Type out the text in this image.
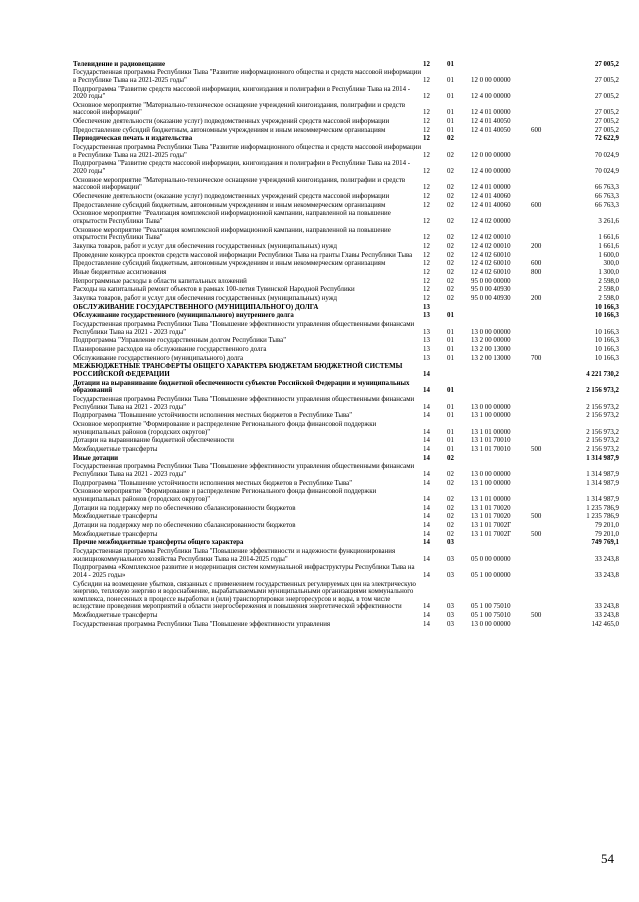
Телевидение и радиовещание	12	01			27 005,2
Государственная программа Республики Тыва "Развитие информационного общества и средств массовой информации в Республике Тыва на 2021-2025 годы"	12	01	12 0 00 00000		27 005,2
Подпрограмма "Развитие средств массовой информации, книгоиздания и полиграфии в Республике Тыва на 2014 - 2020 годы"	12	01	12 4 00 00000		27 005,2
Основное мероприятие "Материально-техническое оснащение учреждений книгоиздания, полиграфии и средств массовой информации"	12	01	12 4 01 00000		27 005,2
Обеспечение деятельности (оказание услуг) подведомственных учреждений средств массовой информации	12	01	12 4 01 40050		27 005,2
Предоставление субсидий бюджетным, автономным учреждениям и иным некоммерческим организациям	12	01	12 4 01 40050	600	27 005,2
Периодическая печать и издательства	12	02			72 622,9
Государственная программа Республики Тыва "Развитие информационного общества и средств массовой информации в Республике Тыва на 2021-2025 годы"	12	02	12 0 00 00000		70 024,9
Подпрограмма "Развитие средств массовой информации, книгоиздания и полиграфии в Республике Тыва на 2014 - 2020 годы"	12	02	12 4 00 00000		70 024,9
Основное мероприятие "Материально-техническое оснащение учреждений книгоиздания, полиграфии и средств массовой информации"	12	02	12 4 01 00000		66 763,3
Обеспечение деятельности (оказание услуг) подведомственных учреждений средств массовой информации	12	02	12 4 01 40060		66 763,3
Предоставление субсидий бюджетным, автономным учреждениям и иным некоммерческим организациям	12	02	12 4 01 40060	600	66 763,3
Основное мероприятие "Реализация комплексной информационной кампании, направленной на повышение открытости Республики Тыва"	12	02	12 4 02 00000		3 261,6
Основное мероприятие "Реализация комплексной информационной кампании, направленной на повышение открытости Республики Тыва"	12	02	12 4 02 00010		1 661,6
Закупка товаров, работ и услуг для обеспечения государственных (муниципальных) нужд	12	02	12 4 02 00010	200	1 661,6
Проведение конкурса проектов средств массовой информации Республики Тыва на гранты Главы Республики Тыва	12	02	12 4 02 60010		1 600,0
Предоставление субсидий бюджетным, автономным учреждениям и иным некоммерческим организациям	12	02	12 4 02 60010	600	300,0
Иные бюджетные ассигнования	12	02	12 4 02 60010	800	1 300,0
Непрограммные расходы в области капитальных вложений	12	02	95 0 00 00000		2 598,0
Расходы на капитальный ремонт объектов в рамках 100-летия Тувинской Народной Республики	12	02	95 0 00 40930		2 598,0
Закупка товаров, работ и услуг для обеспечения государственных (муниципальных) нужд	12	02	95 0 00 40930	200	2 598,0
ОБСЛУЖИВАНИЕ ГОСУДАРСТВЕННОГО (МУНИЦИПАЛЬНОГО) ДОЛГА	13				10 166,3
Обслуживание государственного (муниципального) внутреннего долга	13	01			10 166,3
Государственная программа Республики Тыва "Повышение эффективности управления общественными финансами Республики Тыва на 2021 - 2023 годы"	13	01	13 0 00 00000		10 166,3
Подпрограмма "Управление государственным долгом Республики Тыва"	13	01	13 2 00 00000		10 166,3
Планирование расходов на обслуживание государственного долга	13	01	13 2 00 13000		10 166,3
Обслуживание государственного (муниципального) долга	13	01	13 2 00 13000	700	10 166,3
МЕЖБЮДЖЕТНЫЕ ТРАНСФЕРТЫ ОБЩЕГО ХАРАКТЕРА БЮДЖЕТАМ БЮДЖЕТНОЙ СИСТЕМЫ РОССИЙСКОЙ ФЕДЕРАЦИИ	14				4 221 730,2
Дотации на выравнивание бюджетной обеспеченности субъектов Российской Федерации и муниципальных образований	14	01			2 156 973,2
Государственная программа Республики Тыва "Повышение эффективности управления общественными финансами Республики Тыва на 2021 - 2023 годы"	14	01	13 0 00 00000		2 156 973,2
Подпрограмма "Повышение устойчивости исполнения местных бюджетов в Республике Тыва"	14	01	13 1 00 00000		2 156 973,2
Основное мероприятие "Формирование и распределение Регионального фонда финансовой поддержки муниципальных районов (городских округов)"	14	01	13 1 01 00000		2 156 973,2
Дотации на выравнивание бюджетной обеспеченности	14	01	13 1 01 70010		2 156 973,2
Межбюджетные трансферты	14	01	13 1 01 70010	500	2 156 973,2
Иные дотации	14	02			1 314 987,9
Государственная программа Республики Тыва "Повышение эффективности управления общественными финансами Республики Тыва на 2021 - 2023 годы"	14	02	13 0 00 00000		1 314 987,9
Подпрограмма "Повышение устойчивости исполнения местных бюджетов в Республике Тыва"	14	02	13 1 00 00000		1 314 987,9
Основное мероприятие "Формирование и распределение Регионального фонда финансовой поддержки муниципальных районов (городских округов)"	14	02	13 1 01 00000		1 314 987,9
Дотации на поддержку мер по обеспечению сбалансированности бюджетов	14	02	13 1 01 70020		1 235 786,9
Межбюджетные трансферты	14	02	13 1 01 70020	500	1 235 786,9
Дотации на поддержку мер по обеспечению сбалансированности бюджетов	14	02	13 1 01 7002Г		79 201,0
Межбюджетные трансферты	14	02	13 1 01 7002Г	500	79 201,0
Прочие межбюджетные трансферты общего характера	14	03			749 769,1
Государственная программа Республики Тыва "Повышение эффективности и надежности функционирования жилищнокоммунального хозяйства Республики Тыва на 2014-2025 годы"	14	03	05 0 00 00000		33 243,8
Подпрограмма «Комплексное развитие и модернизация систем коммунальной инфраструктуры Республики Тыва на 2014 - 2025 годы»	14	03	05 1 00 00000		33 243,8
Субсидии на возмещение убытков, связанных с применением государственных регулируемых цен на электрическую энергию, тепловую энергию и водоснабжение, вырабатываемыми муниципальными организациями коммунального комплекса, понесенных в процессе выработки и (или) транспортировки энергоресурсов и воды, в том числе вследствие проведения мероприятий в области энергосбережения и повышения энергетической эффективности	14	03	05 1 00 75010		33 243,8
Межбюджетные трансферты	14	03	05 1 00 75010	500	33 243,8
Государственная программа Республики Тыва "Повышение эффективности управления	14	03	13 0 00 00000		142 465,0
54
